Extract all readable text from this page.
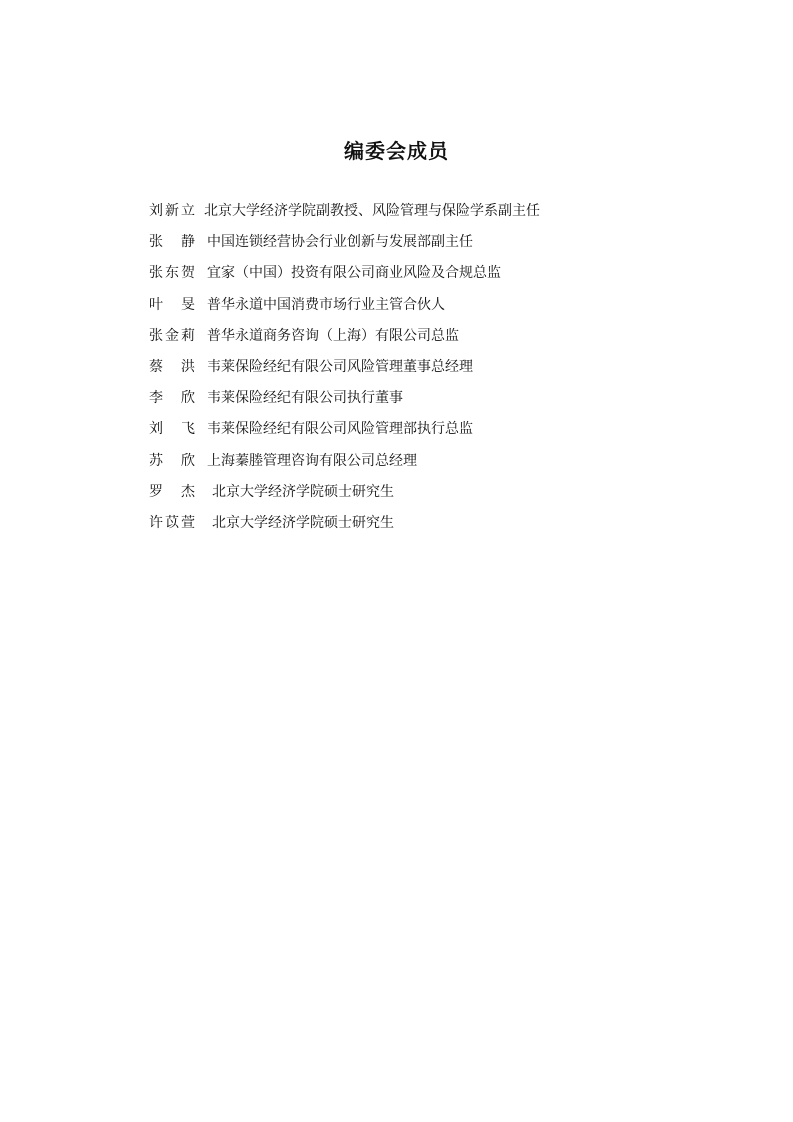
编委会成员
刘新立 北京大学经济学院副教授、风险管理与保险学系副主任
张　静 中国连锁经营协会行业创新与发展部副主任
张东贺 宜家（中国）投资有限公司商业风险及合规总监
叶　旻 普华永道中国消费市场行业主管合伙人
张金莉 普华永道商务咨询（上海）有限公司总监
蔡　洪 韦莱保险经纪有限公司风险管理董事总经理
李　欣 韦莱保险经纪有限公司执行董事
刘　飞 韦莱保险经纪有限公司风险管理部执行总监
苏　欣 上海蓁塍管理咨询有限公司总经理
罗　杰 北京大学经济学院硕士研究生
许苡萱 北京大学经济学院硕士研究生
